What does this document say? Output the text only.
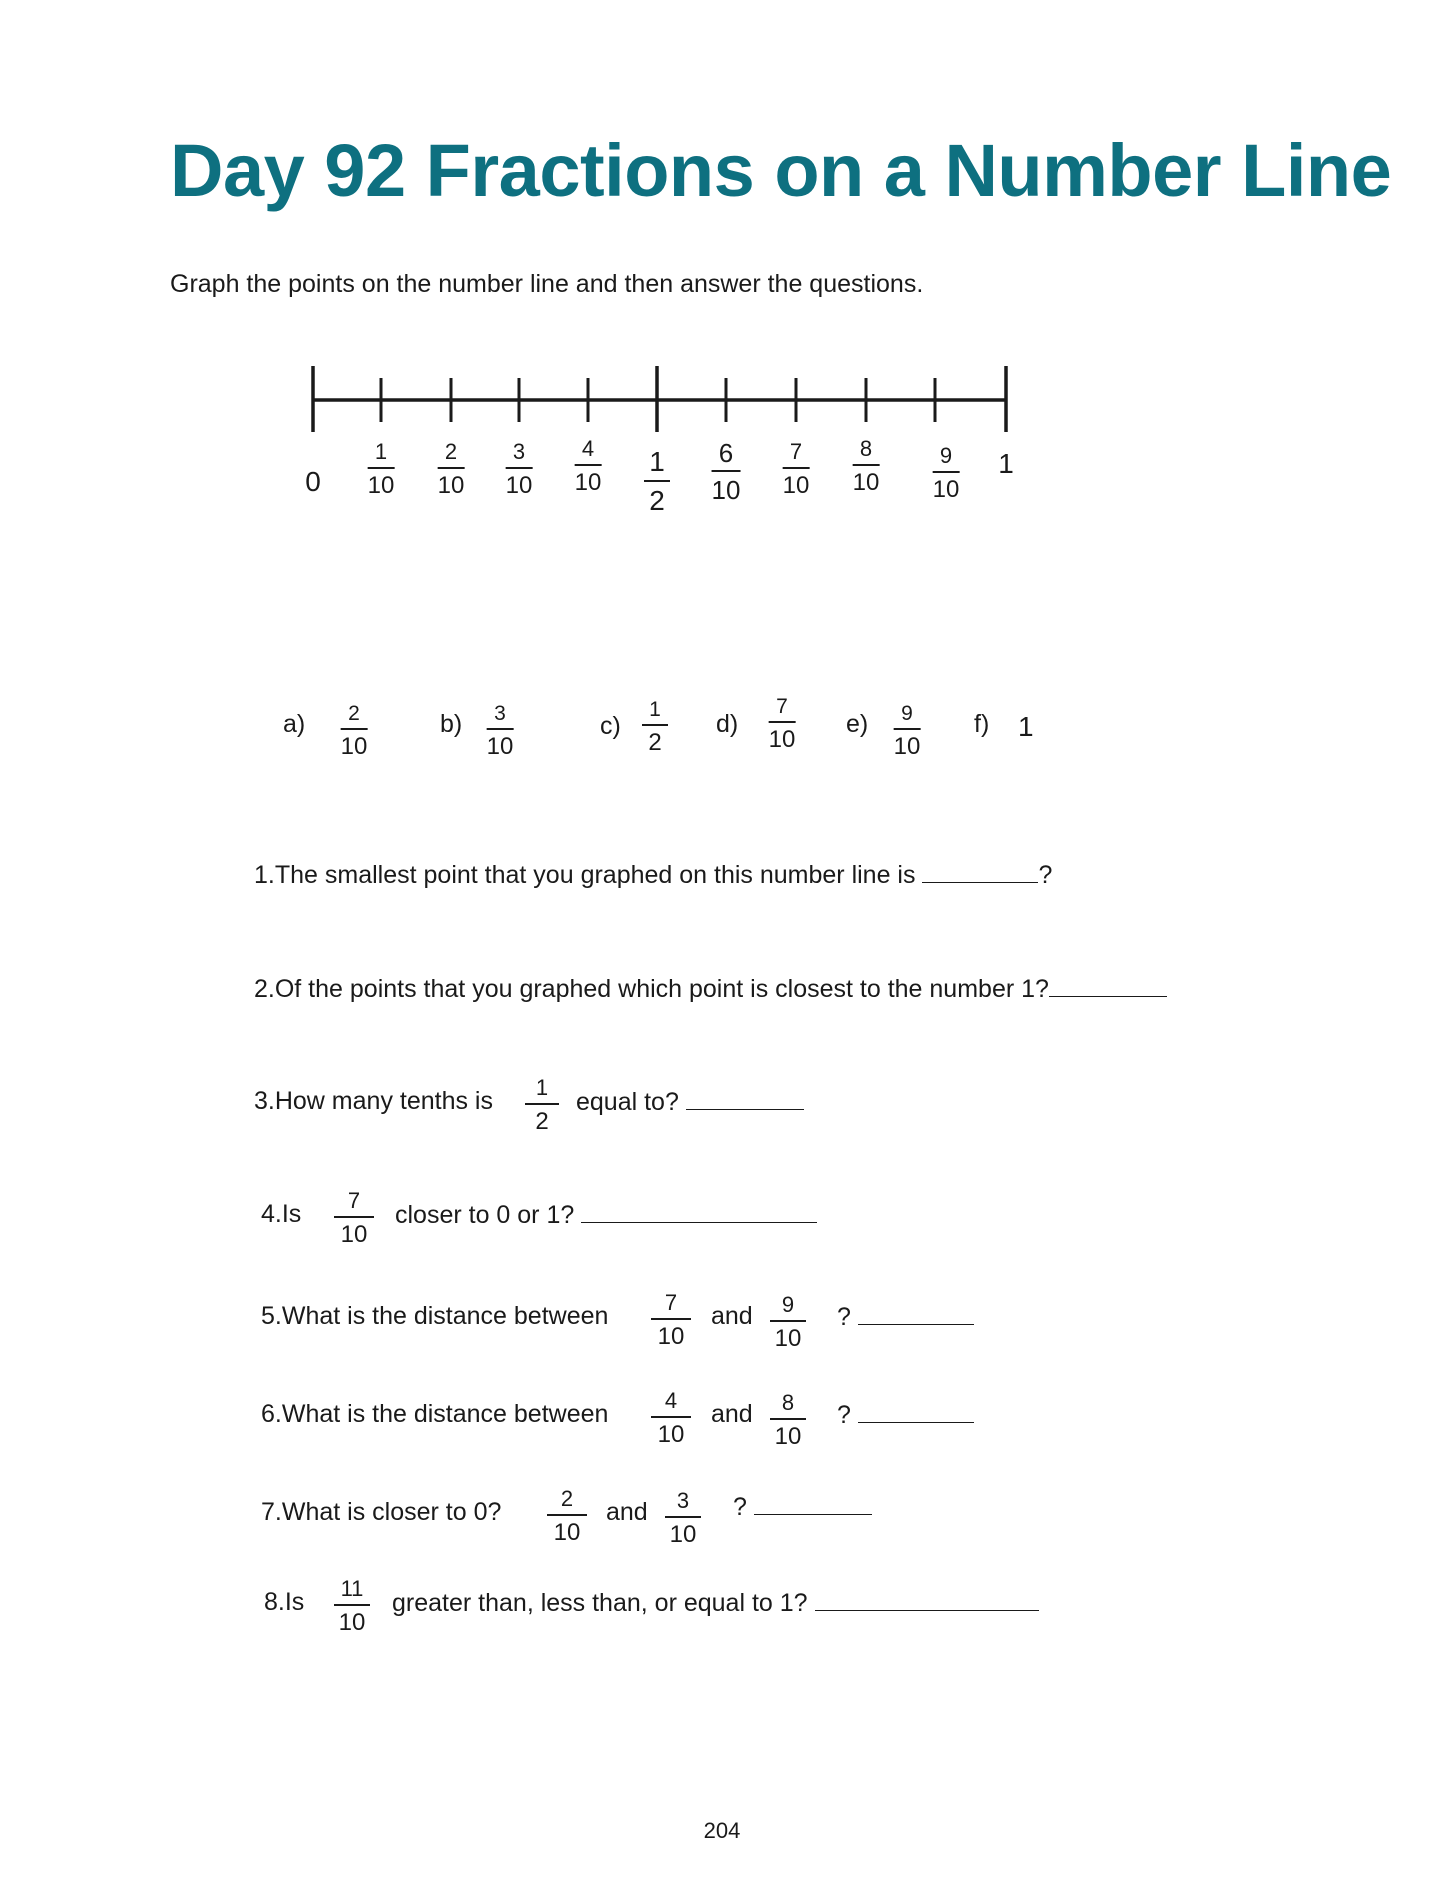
Day 92 Fractions on a Number Line
Graph the points on the number line and then answer the questions.
0
1
10
2
10
3
10
4
10
1
2
6
10
7
10
8
10
9
10
1
a) 2
10
b) 3
10
c)
1
2
d)
7
10
e) 9
10
f) 1
1.The smallest point that you graphed on this number line is	?
2.Of the points that you graphed which point is closest to the number 1?
3.How many tenths is 1
2
equal to?
4.Is 7
10
closer to 0 or 1?
5.What is the distance between	7
10
and 9
10
?
6.What is the distance between	4
10
and 8
10
?
7.What is closer to 0?	2
10
and 3
10
?
8.Is 11
10
greater than, less than, or equal to 1?
204
